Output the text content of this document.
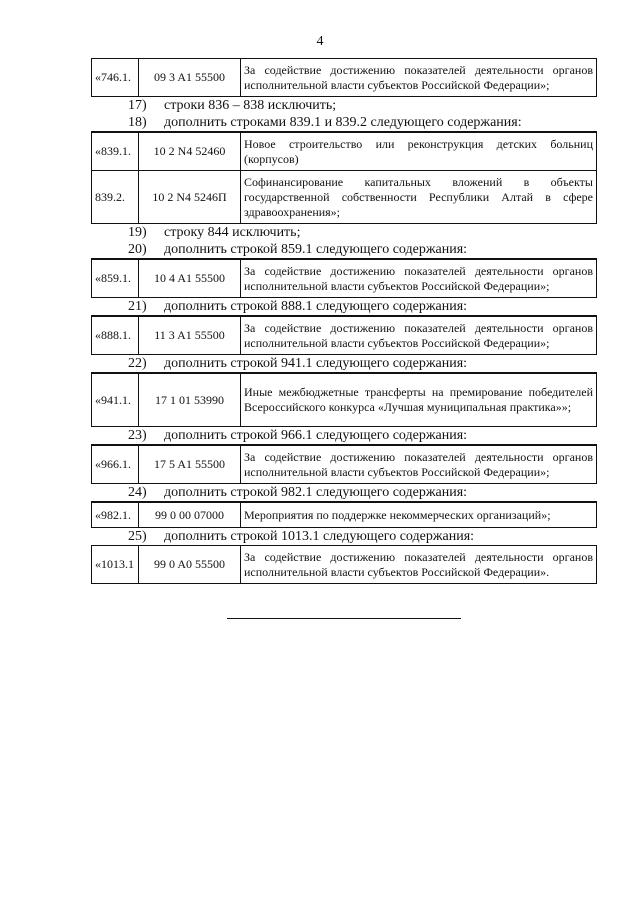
4
«746.1.	09 3 A1 55500	За содействие достижению показателей деятельности органов исполнительной власти субъектов Российской Федерации»;
17) строки 836 – 838 исключить;
18) дополнить строками 839.1 и 839.2 следующего содержания:
«839.1.	10 2 N4 52460	Новое строительство или реконструкция детских больниц (корпусов)
839.2.	10 2 N4 5246П	Софинансирование капитальных вложений в объекты государственной собственности Республики Алтай в сфере здравоохранения»;
19) строку 844 исключить;
20) дополнить строкой 859.1 следующего содержания:
«859.1.	10 4 A1 55500	За содействие достижению показателей деятельности органов исполнительной власти субъектов Российской Федерации»;
21) дополнить строкой 888.1 следующего содержания:
«888.1.	11 3 A1 55500	За содействие достижению показателей деятельности органов исполнительной власти субъектов Российской Федерации»;
22) дополнить строкой 941.1 следующего содержания:
«941.1.	17 1 01 53990	Иные межбюджетные трансферты на премирование победителей Всероссийского конкурса «Лучшая муниципальная практика»»;
23) дополнить строкой 966.1 следующего содержания:
«966.1.	17 5 A1 55500	За содействие достижению показателей деятельности органов исполнительной власти субъектов Российской Федерации»;
24) дополнить строкой 982.1 следующего содержания:
«982.1.	99 0 00 07000	Мероприятия по поддержке некоммерческих организаций»;
25) дополнить строкой 1013.1 следующего содержания:
«1013.1	99 0 A0 55500	За содействие достижению показателей деятельности органов исполнительной власти субъектов Российской Федерации».
